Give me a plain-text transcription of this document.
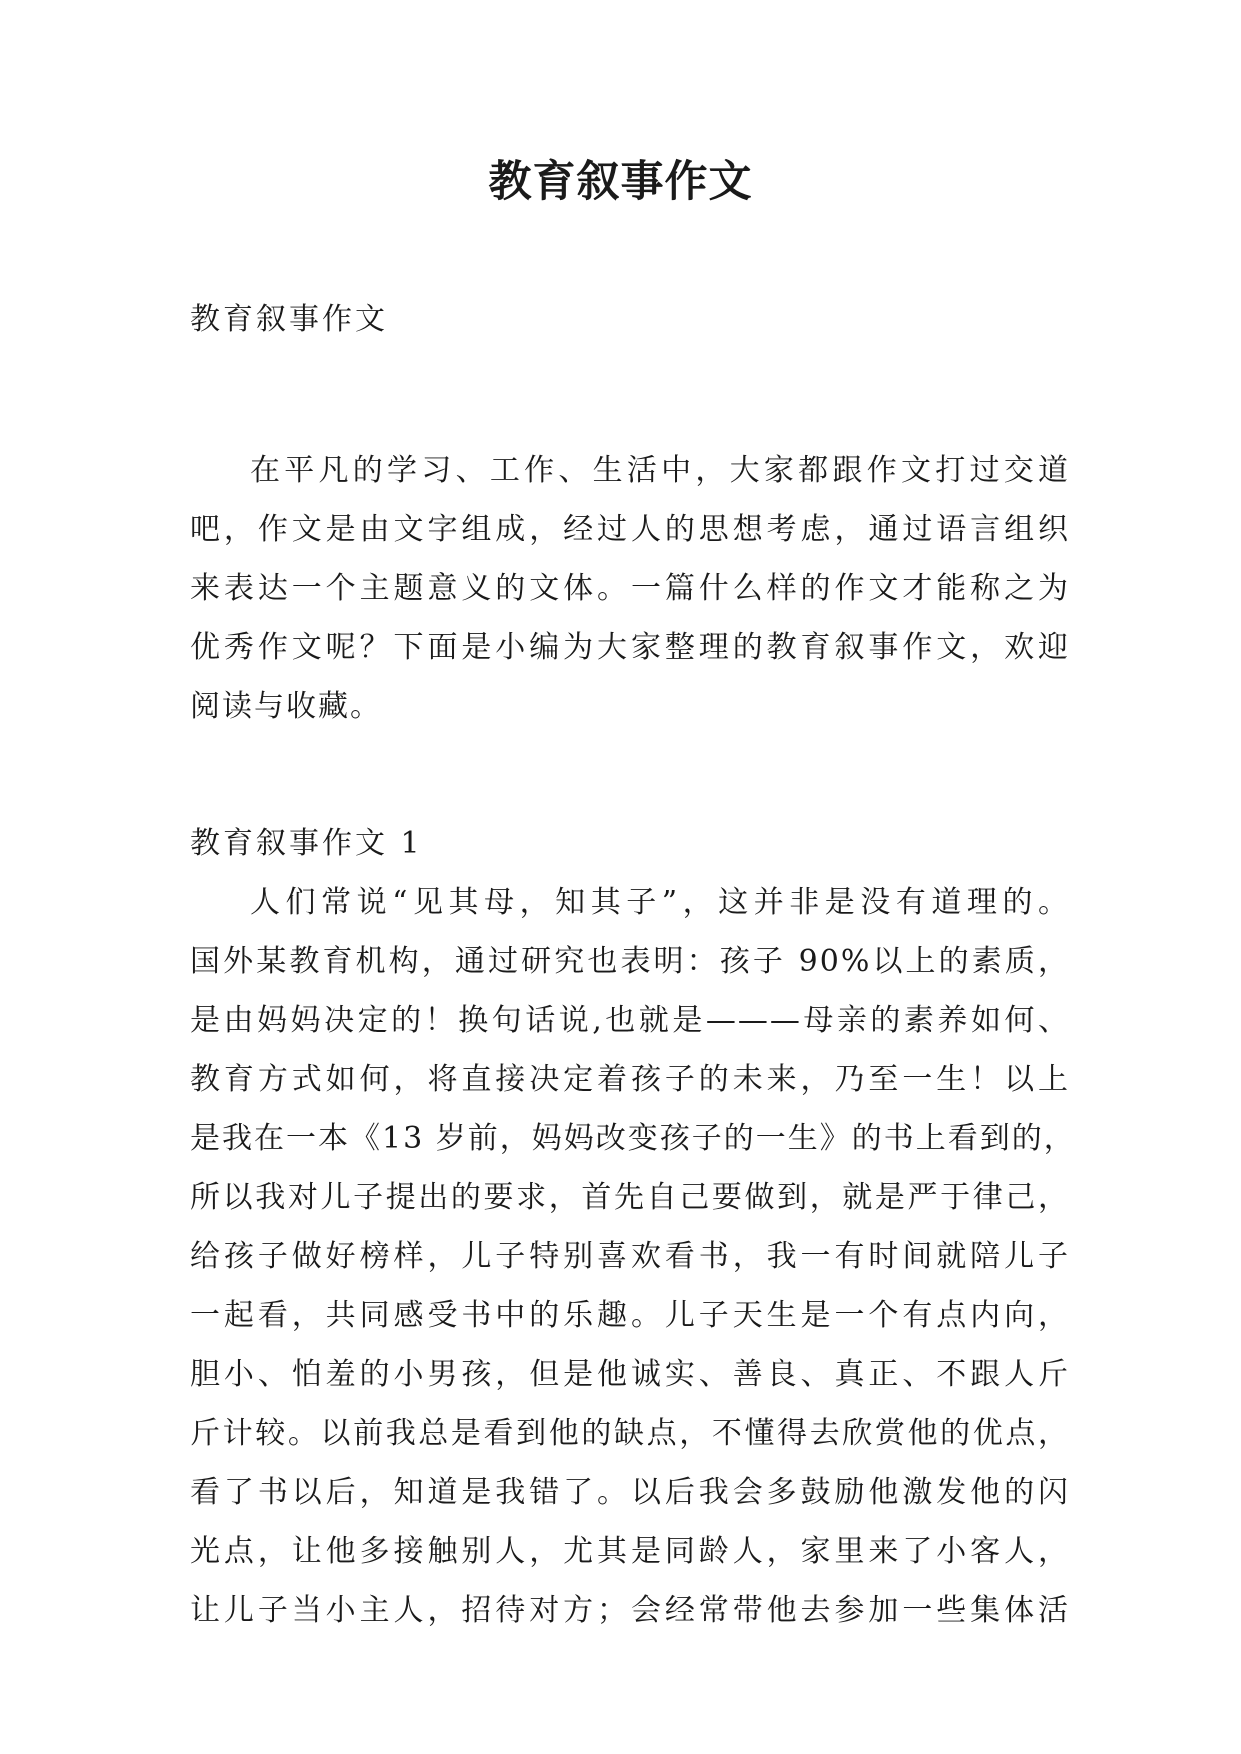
教育叙事作文

教育叙事作文

在平凡的学习、工作、生活中，大家都跟作文打过交道

吧，作文是由文字组成，经过人的思想考虑，通过语言组织

来表达一个主题意义的文体。一篇什么样的作文才能称之为

优秀作文呢？下面是小编为大家整理的教育叙事作文，欢迎

阅读与收藏。

教育叙事作文 1

人们常说“见其母，知其子”，这并非是没有道理的。

国外某教育机构，通过研究也表明：孩子 90%以上的素质，

是由妈妈决定的！换句话说,也就是———母亲的素养如何、

教育方式如何，将直接决定着孩子的未来，乃至一生！以上

是我在一本《13 岁前，妈妈改变孩子的一生》的书上看到的，

所以我对儿子提出的要求，首先自己要做到，就是严于律己，

给孩子做好榜样，儿子特别喜欢看书，我一有时间就陪儿子

一起看，共同感受书中的乐趣。儿子天生是一个有点内向，

胆小、怕羞的小男孩，但是他诚实、善良、真正、不跟人斤

斤计较。以前我总是看到他的缺点，不懂得去欣赏他的优点，

看了书以后，知道是我错了。以后我会多鼓励他激发他的闪

光点，让他多接触别人，尤其是同龄人，家里来了小客人，

让儿子当小主人，招待对方；会经常带他去参加一些集体活
